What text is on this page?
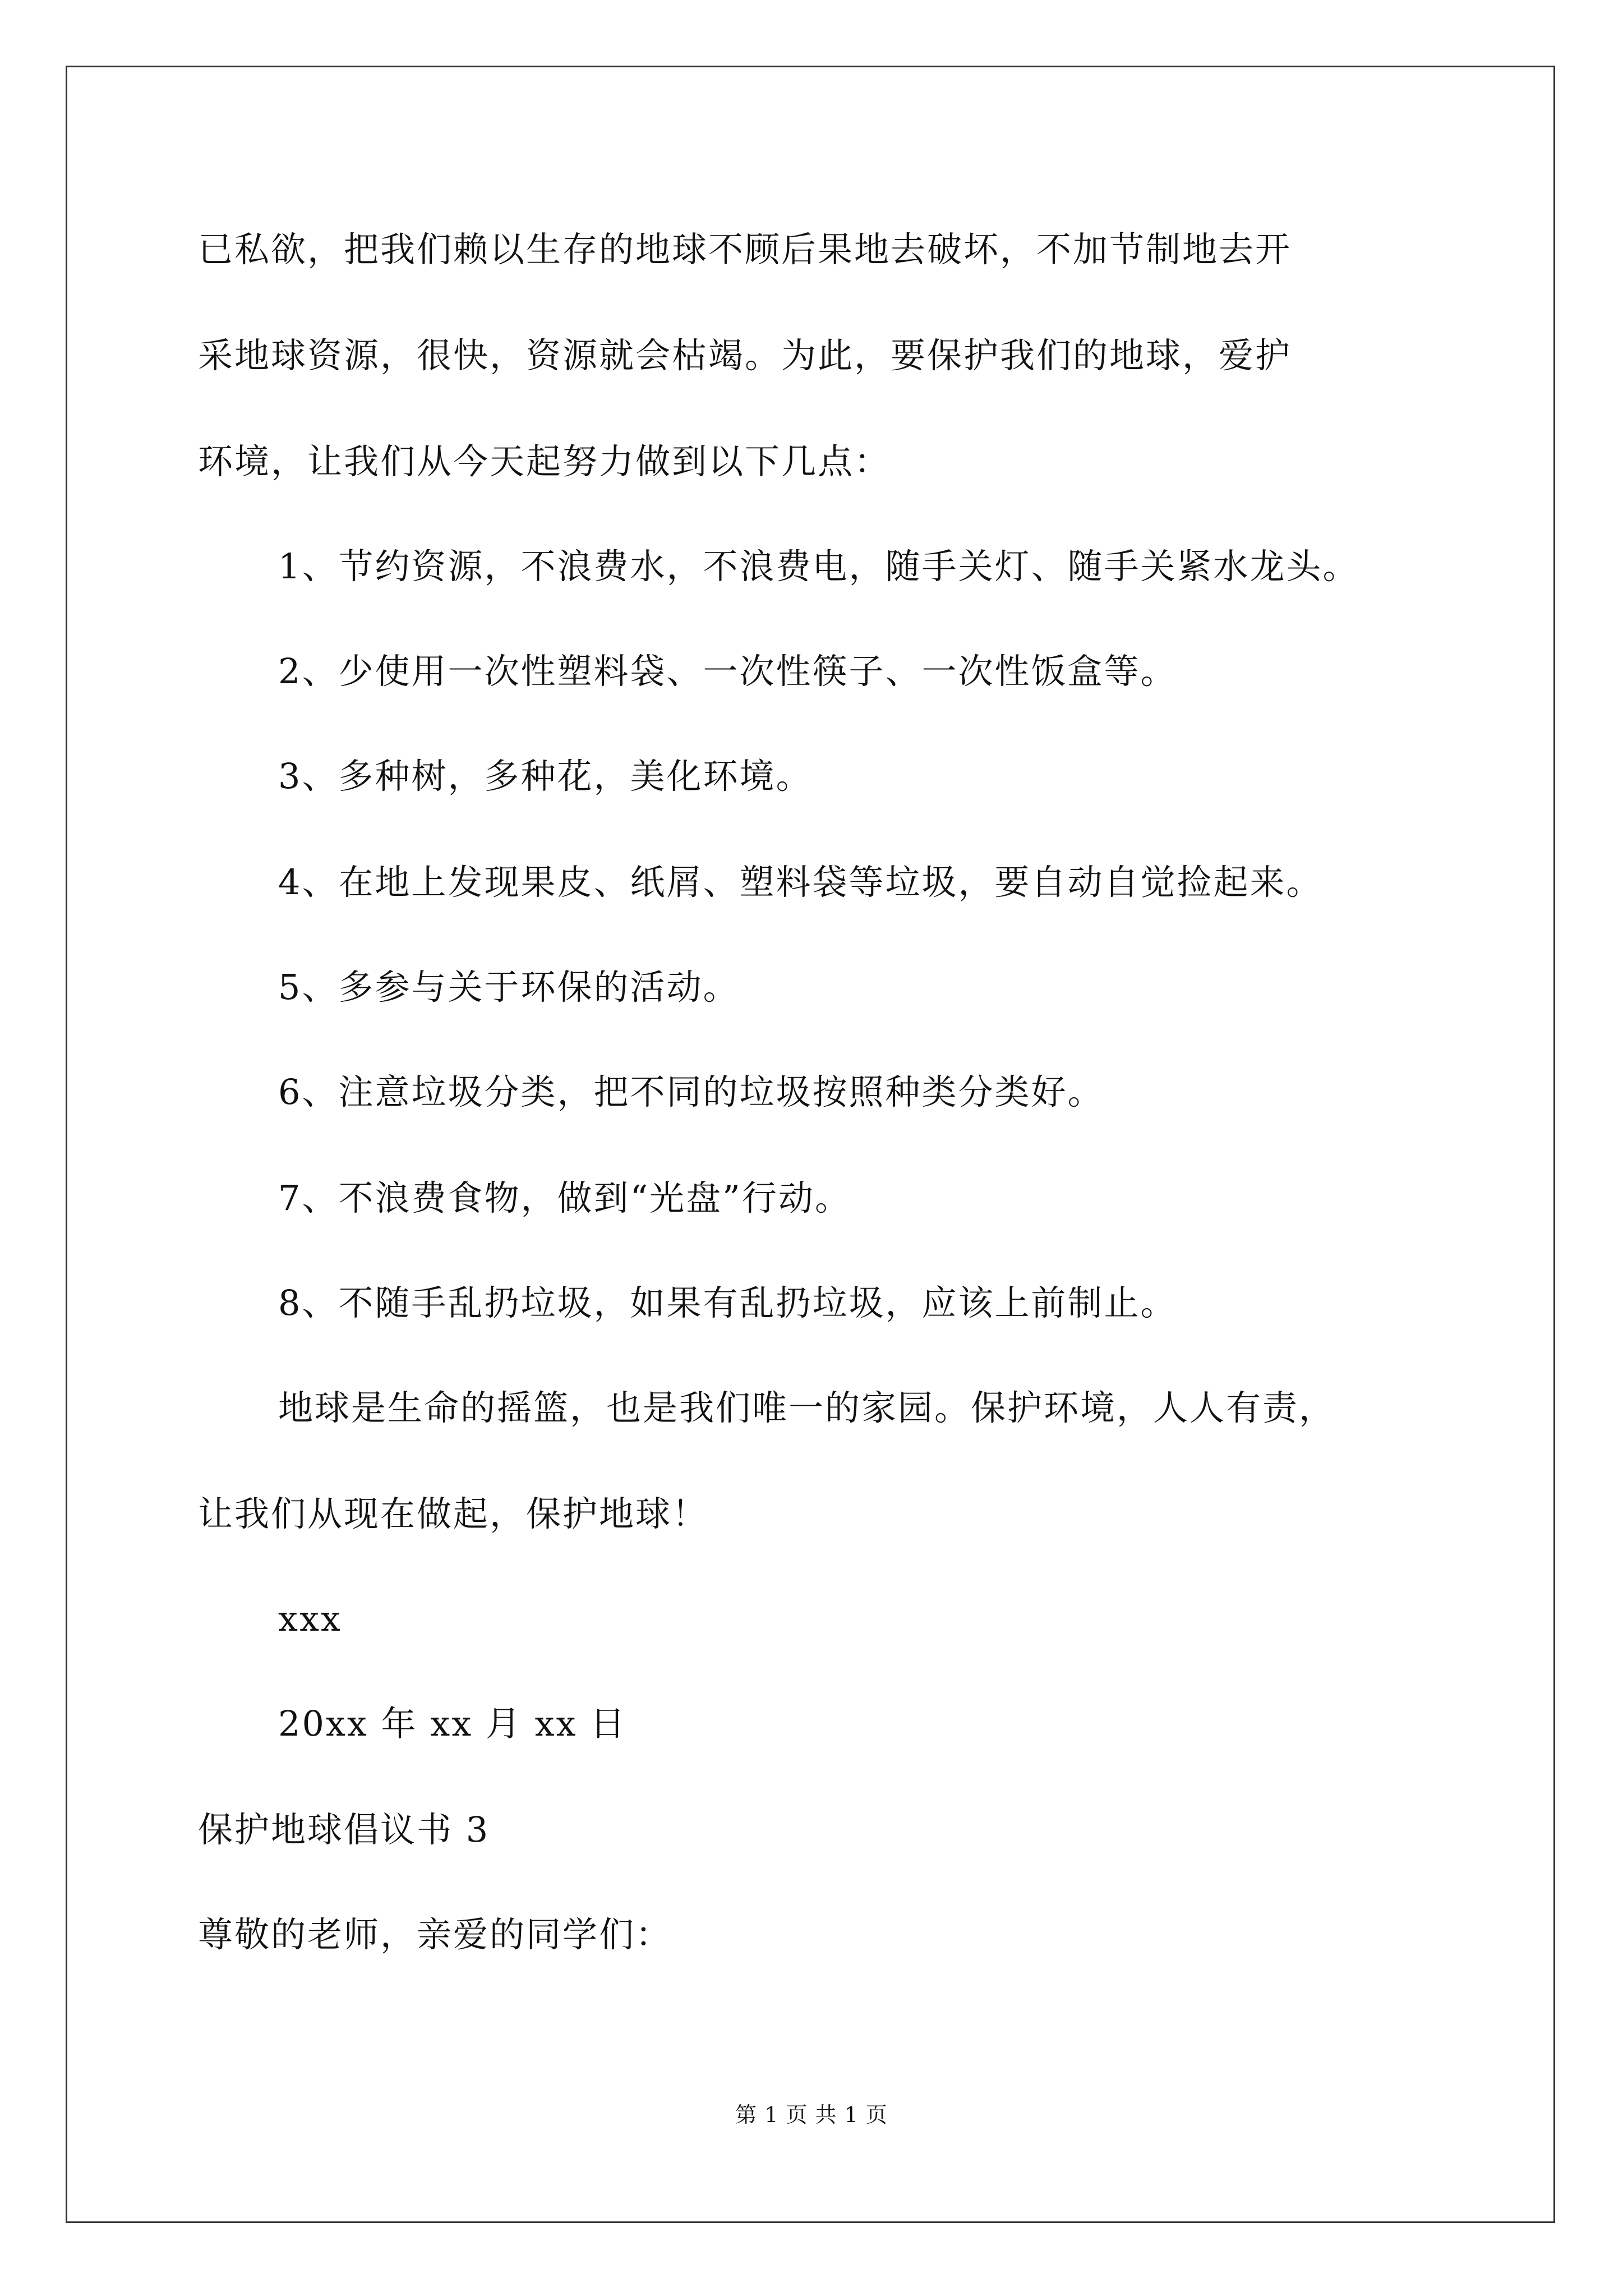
已私欲，把我们赖以生存的地球不顾后果地去破坏，不加节制地去开
采地球资源，很快，资源就会枯竭。为此，要保护我们的地球，爱护
环境，让我们从今天起努力做到以下几点：
1、节约资源，不浪费水，不浪费电，随手关灯、随手关紧水龙头。
2、少使用一次性塑料袋、一次性筷子、一次性饭盒等。
3、多种树，多种花，美化环境。
4、在地上发现果皮、纸屑、塑料袋等垃圾，要自动自觉捡起来。
5、多参与关于环保的活动。
6、注意垃圾分类，把不同的垃圾按照种类分类好。
7、不浪费食物，做到“光盘”行动。
8、不随手乱扔垃圾，如果有乱扔垃圾，应该上前制止。
地球是生命的摇篮，也是我们唯一的家园。保护环境，人人有责，
让我们从现在做起，保护地球！
xxx
20xx 年 xx 月 xx 日
保护地球倡议书 3
尊敬的老师，亲爱的同学们：
第 1 页 共 1 页
